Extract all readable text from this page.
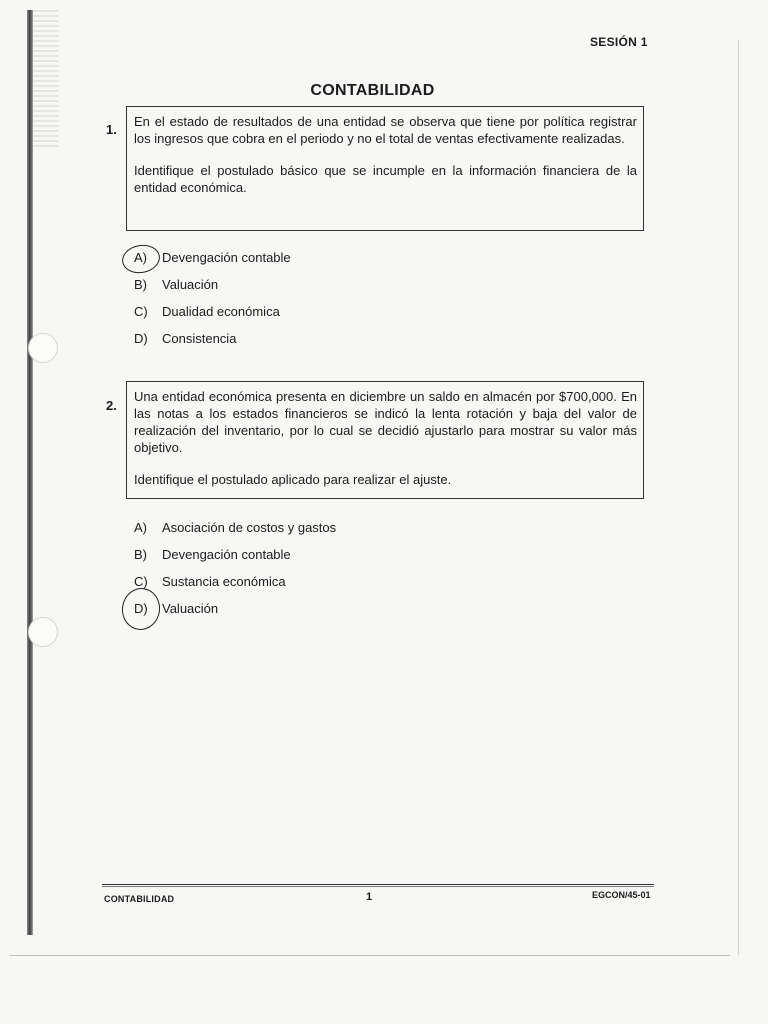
SESIÓN 1
CONTABILIDAD
1.

En el estado de resultados de una entidad se observa que tiene por política registrar los ingresos que cobra en el periodo y no el total de ventas efectivamente realizadas.

Identifique el postulado básico que se incumple en la información financiera de la entidad económica.

A) Devengación contable
B) Valuación
C) Dualidad económica
D) Consistencia
2.

Una entidad económica presenta en diciembre un saldo en almacén por $700,000. En las notas a los estados financieros se indicó la lenta rotación y baja del valor de realización del inventario, por lo cual se decidió ajustarlo para mostrar su valor más objetivo.

Identifique el postulado aplicado para realizar el ajuste.

A) Asociación de costos y gastos
B) Devengación contable
C) Sustancia económica
D) Valuación
CONTABILIDAD	1	EGCON/45-01
